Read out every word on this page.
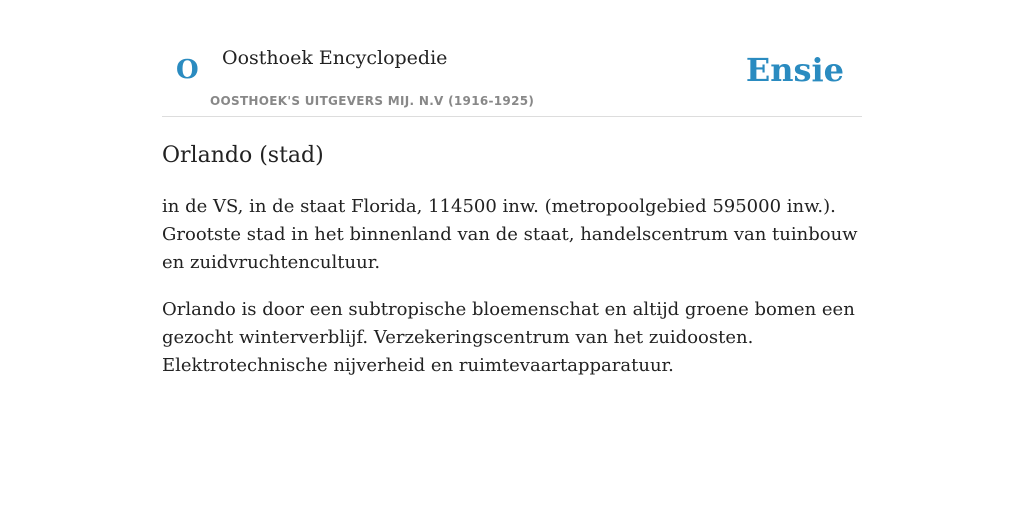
O Oosthoek Encyclopedie
OOSTHOEK'S UITGEVERS MIJ. N.V (1916-1925)
Ensie
Orlando (stad)

in de VS, in de staat Florida, 114500 inw. (metropoolgebied 595000 inw.). Grootste stad in het binnenland van de staat, handelscentrum van tuinbouw en zuidvruchtencultuur.

Orlando is door een subtropische bloemenschat en altijd groene bomen een gezocht winterverblijf. Verzekeringscentrum van het zuidoosten. Elektrotechnische nijverheid en ruimtevaartapparatuur.
